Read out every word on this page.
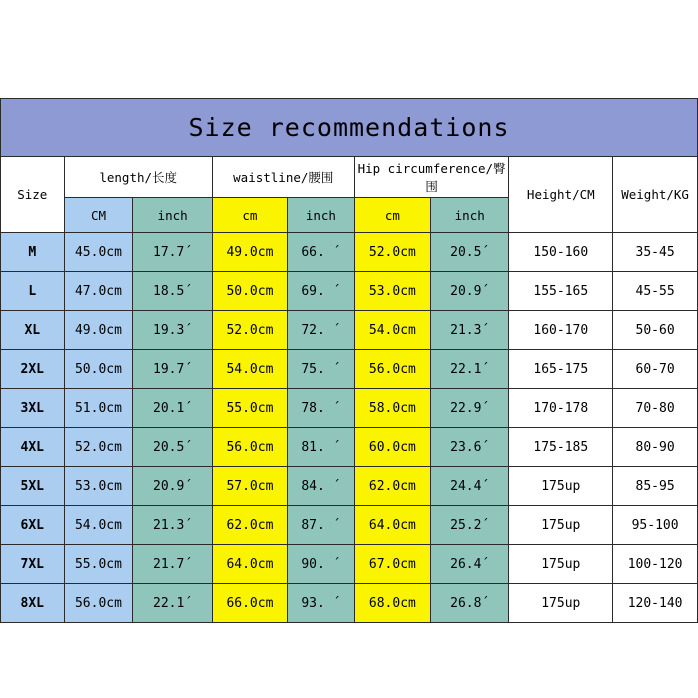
Size recommendations								
Size	length/长度		waistline/腰围		Hip circumference/臀围		Height/CM	Weight/KG
	CM	inch	cm	inch	cm	inch		
M	45.0cm	17.7´	49.0cm	66. ´	52.0cm	20.5´	150-160	35-45
L	47.0cm	18.5´	50.0cm	69. ´	53.0cm	20.9´	155-165	45-55
XL	49.0cm	19.3´	52.0cm	72. ´	54.0cm	21.3´	160-170	50-60
2XL	50.0cm	19.7´	54.0cm	75. ´	56.0cm	22.1´	165-175	60-70
3XL	51.0cm	20.1´	55.0cm	78. ´	58.0cm	22.9´	170-178	70-80
4XL	52.0cm	20.5´	56.0cm	81. ´	60.0cm	23.6´	175-185	80-90
5XL	53.0cm	20.9´	57.0cm	84. ´	62.0cm	24.4´	175up	85-95
6XL	54.0cm	21.3´	62.0cm	87. ´	64.0cm	25.2´	175up	95-100
7XL	55.0cm	21.7´	64.0cm	90. ´	67.0cm	26.4´	175up	100-120
8XL	56.0cm	22.1´	66.0cm	93. ´	68.0cm	26.8´	175up	120-140
